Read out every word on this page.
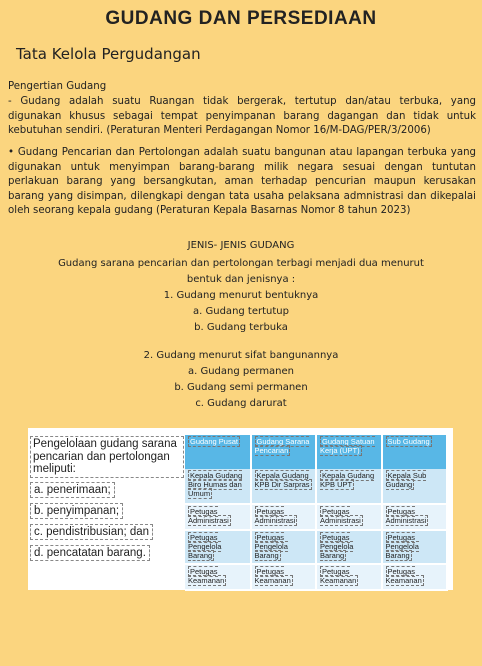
GUDANG DAN PERSEDIAAN
Tata Kelola Pergudangan
Pengertian Gudang
- Gudang adalah suatu Ruangan tidak bergerak, tertutup dan/atau terbuka, yang digunakan khusus sebagai tempat penyimpanan barang dagangan dan tidak untuk kebutuhan sendiri. (Peraturan Menteri Perdagangan Nomor 16/M-DAG/PER/3/2006)
• Gudang Pencarian dan Pertolongan adalah suatu bangunan atau lapangan terbuka yang digunakan untuk menyimpan barang-barang milik negara sesuai dengan tuntutan perlakuan barang yang bersangkutan, aman terhadap pencurian maupun kerusakan barang yang disimpan, dilengkapi dengan tata usaha pelaksana admnistrasi dan dikepalai oleh seorang kepala gudang (Peraturan Kepala Basarnas Nomor 8 tahun 2023)
JENIS- JENIS GUDANG
Gudang sarana pencarian dan pertolongan terbagi menjadi dua menurut
bentuk dan jenisnya :
1. Gudang menurut bentuknya
a. Gudang tertutup
b. Gudang terbuka
2. Gudang menurut sifat bangunannya
a. Gudang permanen
b. Gudang semi permanen
c. Gudang darurat
Pengelolaan gudang sarana pencarian dan pertolongan meliputi:
a. penerimaan;
b. penyimpanan;
c. pendistribusian; dan
d. pencatatan barang.
Gudang Pusat	Gudang Sarana Pencarian	Gudang Satuan Kerja (UPT)	Sub Gudang
Kepala Gudang Biro Humas dan Umum	Kepala Gudang KPB Dir Sarpras	Kepala Gudang KPB UPT	Kepala Sub Gudang
Petugas Administrasi	Petugas Administrasi	Petugas Administrasi	Petugas Administrasi
Petugas Pengelola Barang	Petugas Pengelola Barang	Petugas Pengelola Barang	Petugas Pengelola Barang
Petugas Keamanan	Petugas Keamanan	Petugas Keamanan	Petugas Keamanan
